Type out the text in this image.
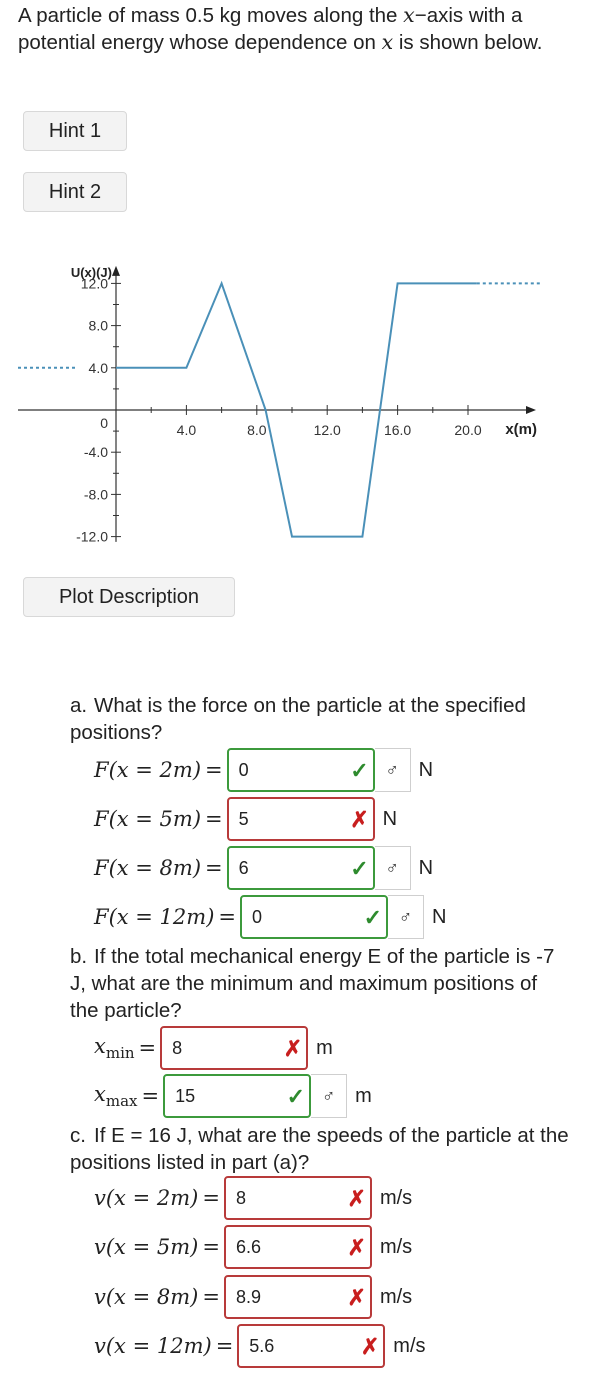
A particle of mass 0.5 kg moves along the x−axis with a potential energy whose dependence on x is shown below.
Hint 1
Hint 2
U(x)(J)
x(m)
12.0
8.0
4.0
0
-4.0
-8.0
-12.0
4.0	8.0	12.0	16.0	20.0
Plot Description
a. What is the force on the particle at the specified positions?
F(x = 2m) = 0	✓ ♂ N
F(x = 5m) = 5	✗ N
F(x = 8m) = 6	✓ ♂ N
F(x = 12m) = 0	✓ ♂ N
b. If the total mechanical energy E of the particle is -7 J, what are the minimum and maximum positions of the particle?
$x_{min} = 8$	✗ m
$x_{max} = 15$	✓ ♂ m
c. If E = 16 J, what are the speeds of the particle at the positions listed in part (a)?
v(x = 2m) = 8	✗ m/s
v(x = 5m) = 6.6	✗ m/s
v(x = 8m) = 8.9	✗ m/s
v(x = 12m) = 5.6	✗ m/s
